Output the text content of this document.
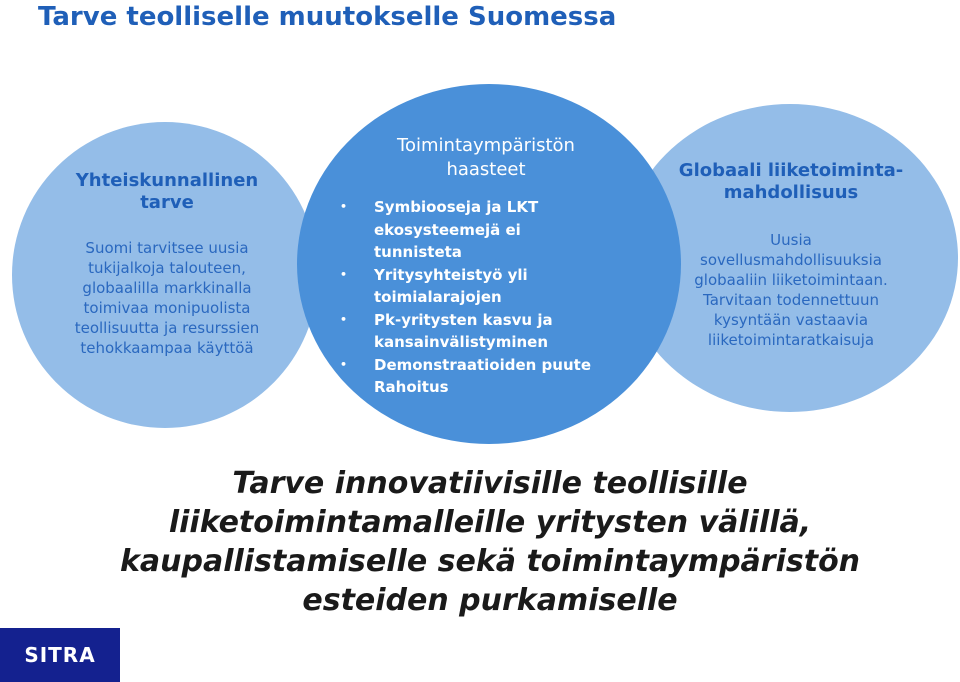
Tarve teolliselle muutokselle Suomessa
Yhteiskunnallinen
tarve
Suomi tarvitsee uusia
tukijalkoja talouteen,
globaalilla markkinalla
toimivaa monipuolista
teollisuutta ja resurssien
tehokkaampaa käyttöä
Toimintaympäristön
haasteet
• Symbiooseja ja LKT
ekosysteemejä ei
tunnisteta
• Yritysyhteistyö yli
toimialarajojen
• Pk-yritysten kasvu ja
kansainvälistyminen
• Demonstraatioiden puute
• Rahoitus
Globaali liiketoiminta-
mahdollisuus
Uusia
sovellusmahdollisuuksia
globaaliin liiketoimintaan.
Tarvitaan todennettuun
kysyntään vastaavia
liiketoimintaratkaisuja
Tarve innovatiivisille teollisille
liiketoimintamalleille yritysten välillä,
kaupallistamiselle sekä toimintaympäristön
esteiden purkamiselle
SITRA
